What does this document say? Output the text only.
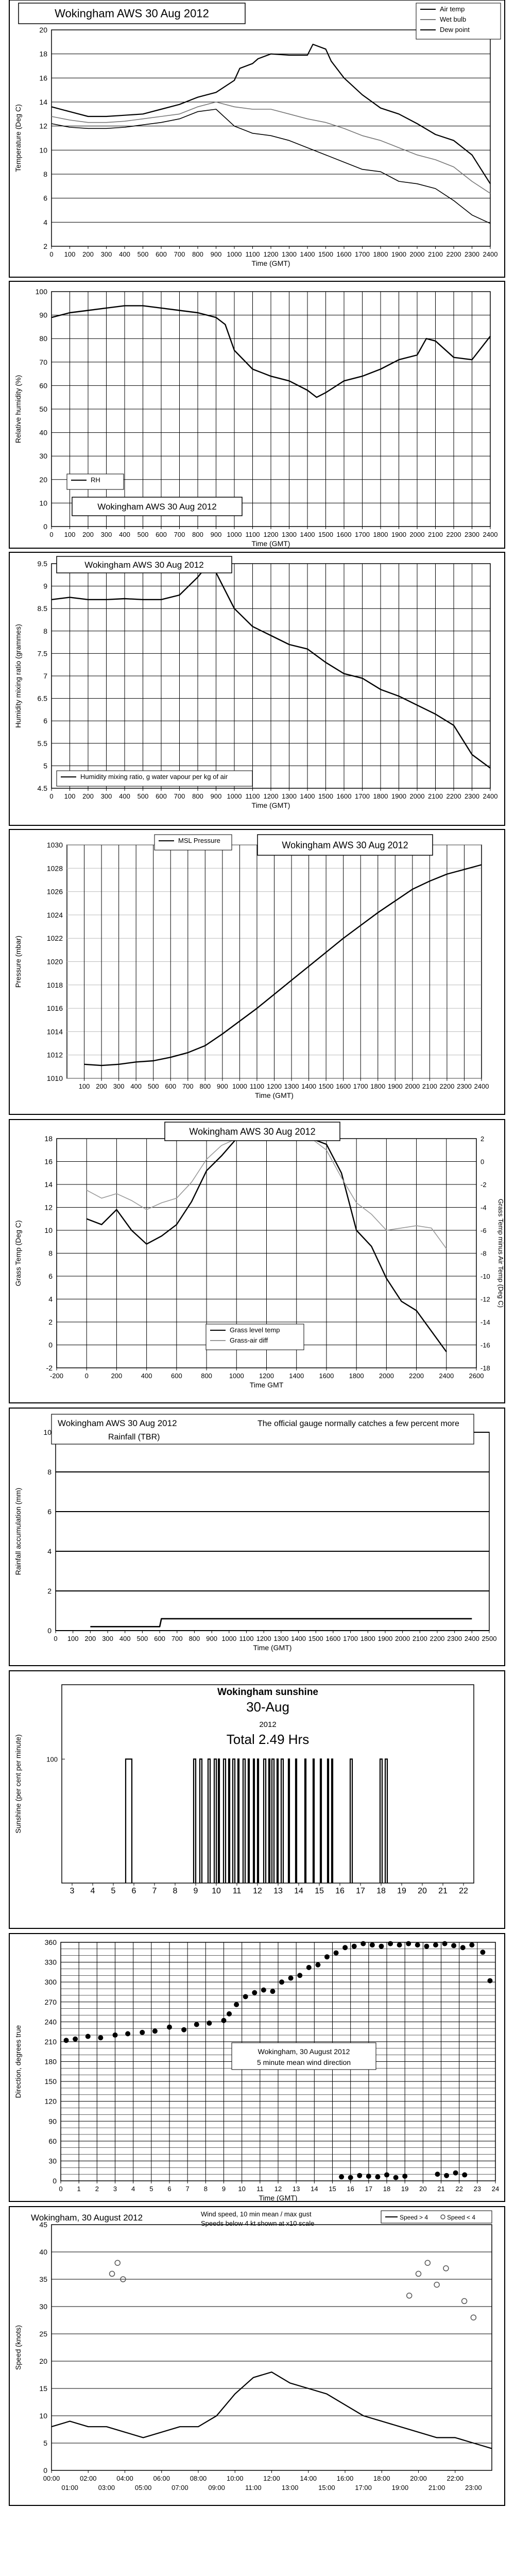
2
4
6
8
10
12
14
16
18
20
0 100 200 300 400 500 600 700 800 900 1000 1100 1200 1300 1400 1500 1600 1700 1800 1900 2000 2100 2200 2300 2400
Time (GMT)
Temperature (Deg C)
Wokingham AWS 30 Aug 2012	Air temp
Wet bulb
Dew point
0
10
20
30
40
50
60
70
80
90
100
0 100 200 300 400 500 600 700 800 900 1000 1100 1200 1300 1400 1500 1600 1700 1800 1900 2000 2100 2200 2300 2400
Time (GMT)
Relative humidity (%)
RH
Wokingham AWS 30 Aug 2012
4.5
5
5.5
6
6.5
7
7.5
8
8.5
9
9.5
0 100 200 300 400 500 600 700 800 900 1000 1100 1200 1300 1400 1500 1600 1700 1800 1900 2000 2100 2200 2300 2400
Time (GMT)
Humidity mixing ratio (grammes)
Wokingham AWS 30 Aug 2012
Humidity mixing ratio, g water vapour per kg of air
1010
1012
1014
1016
1018
1020
1022
1024
1026
1028
1030
100 200 300 400 500 600 700 800 900 1000 1100 1200 1300 1400 1500 1600 1700 1800 1900 2000 2100 2200 2300 2400
Time (GMT)
Pressure (mbar)
MSL Pressure	Wokingham AWS 30 Aug 2012
-2
0
2
4
6
8
10
12
14
16
18
-200	0	200	400	600	800	1000 1200 1400 1600 1800 2000 2200 2400 2600
Time GMT
Grass Temp (Deg C)
-18
-16
-14
-12
-10
-8
-6
-4
-2
0
2
Grass Temp minus Air Temp (Deg C)
Wokingham AWS 30 Aug 2012
Grass level temp
Grass-air diff
0
2
4
6
8
10
0 100 200 300 400 500 600 700 800 900 1000 1100 1200 1300 1400 1500 1600 1700 1800 1900 2000 2100 2200 2300 2400 2500
Time (GMT)
Rainfall accumulation (mm)
Wokingham AWS 30 Aug 2012
Rainfall (TBR)
The official gauge normally catches a few percent more
3 4 5 6 7 8 9 10 11 12 13 14 15 16 17 18 19 20 21 22
Sunshine (per cent per minute)	100
Wokingham sunshine
30-Aug
2012
Total 2.49 Hrs
0
30
60
90
120
150
180
210
240
270
300
330
360
0 1 2 3 4 5 6 7 8 9 10 11 12 13 14 15 16 17 18 19 20 21 22 23 24
Time (GMT)
Direction, degrees true	Wokingham, 30 August 2012
5 minute mean wind direction
0
5
10
15
20
25
30
35
40
45
00:00	02:00	04:00	06:00	08:00	10:00	12:00	14:00	16:00	18:00	20:00	22:00
Speed (knots)
01:00	03:00	05:00	07:00	09:00	11:00	13:00	15:00	17:00	19:00	21:00	23:00
Wokingham, 30 August 2012	Wind speed, 10 min mean / max gust
Speeds below 4 kt shown at x10 scale
Speed > 4	Speed < 4
